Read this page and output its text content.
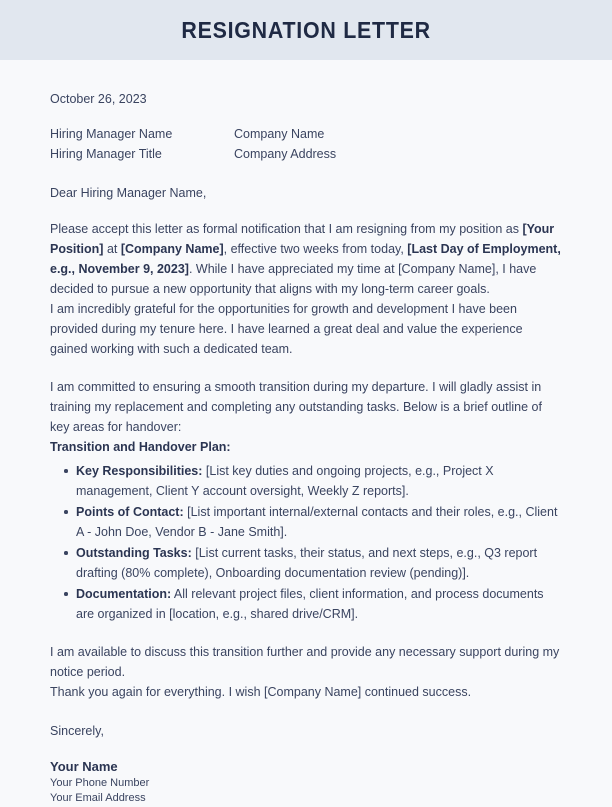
RESIGNATION LETTER
October 26, 2023
Hiring Manager Name
Hiring Manager Title
Company Name
Company Address
Dear Hiring Manager Name,

Please accept this letter as formal notification that I am resigning from my position as [Your Position] at [Company Name], effective two weeks from today, [Last Day of Employment, e.g., November 9, 2023]. While I have appreciated my time at [Company Name], I have decided to pursue a new opportunity that aligns with my long-term career goals.

I am incredibly grateful for the opportunities for growth and development I have been provided during my tenure here. I have learned a great deal and value the experience gained working with such a dedicated team.

I am committed to ensuring a smooth transition during my departure. I will gladly assist in training my replacement and completing any outstanding tasks. Below is a brief outline of key areas for handover:

Transition and Handover Plan:

Key Responsibilities: [List key duties and ongoing projects, e.g., Project X management, Client Y account oversight, Weekly Z reports].
Points of Contact: [List important internal/external contacts and their roles, e.g., Client A - John Doe, Vendor B - Jane Smith].
Outstanding Tasks: [List current tasks, their status, and next steps, e.g., Q3 report drafting (80% complete), Onboarding documentation review (pending)].
Documentation: All relevant project files, client information, and process documents are organized in [location, e.g., shared drive/CRM].

I am available to discuss this transition further and provide any necessary support during my notice period.

Thank you again for everything. I wish [Company Name] continued success.

Sincerely,
Your Name
Your Phone Number
Your Email Address
